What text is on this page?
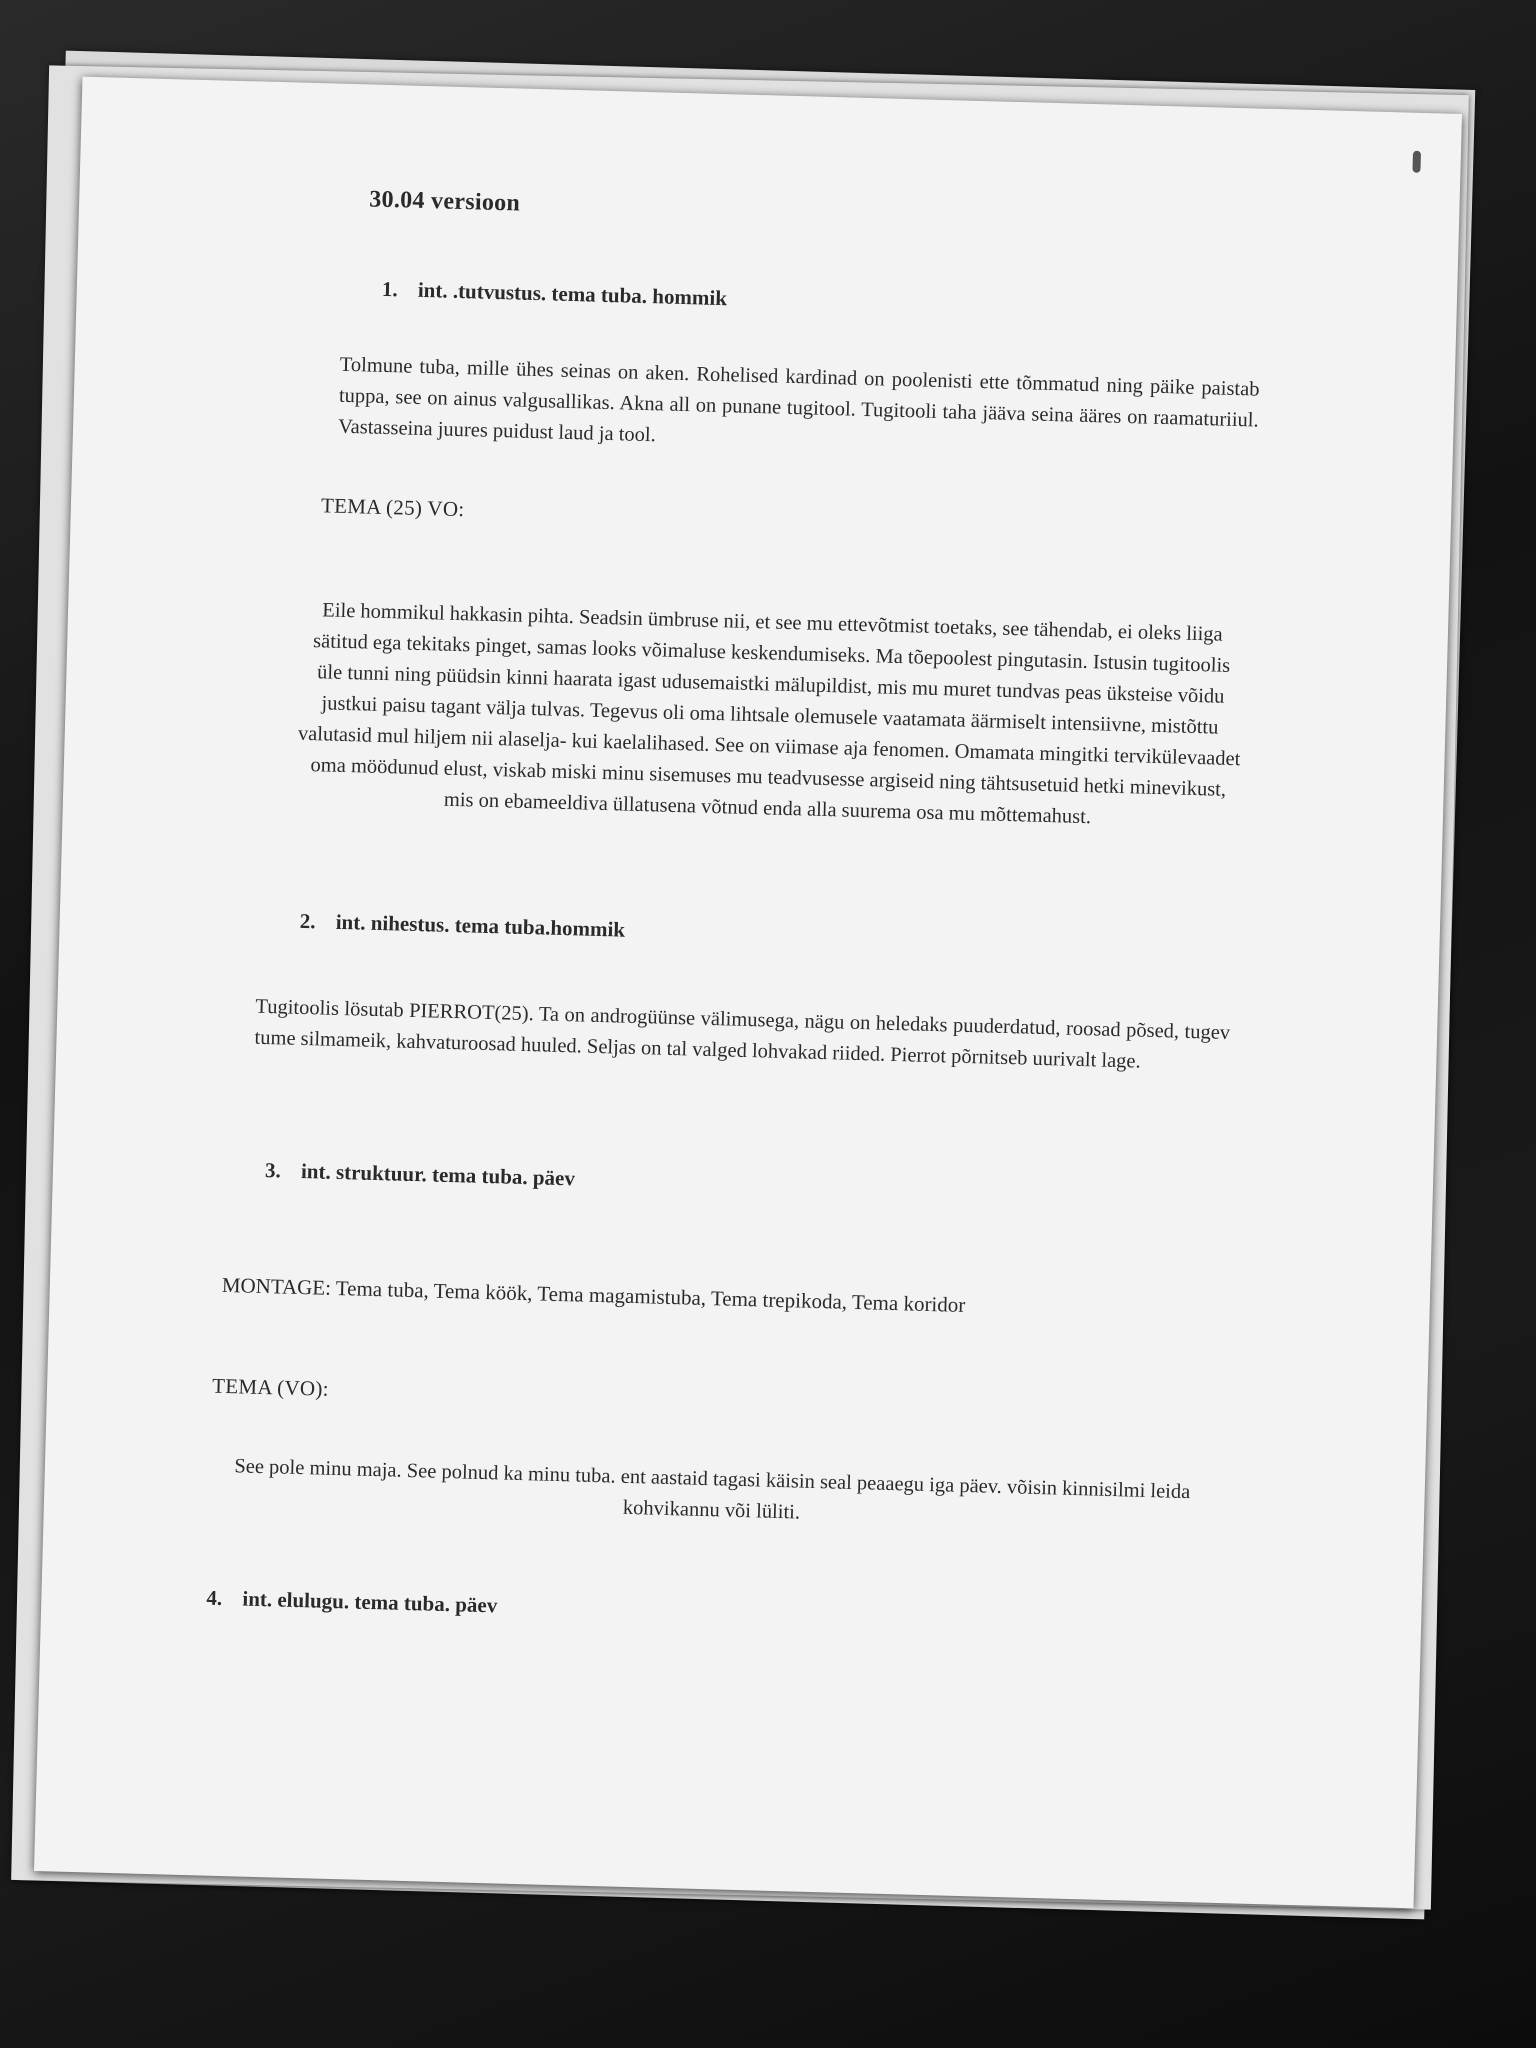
30.04 versioon
1. int. .tutvustus. tema tuba. hommik
Tolmune tuba, mille ühes seinas on aken. Rohelised kardinad on poolenisti ette tõmmatud ning päike paistab tuppa, see on ainus valgusallikas. Akna all on punane tugitool. Tugitooli taha jääva seina ääres on raamaturiiul. Vastasseina juures puidust laud ja tool.
TEMA (25) VO:
Eile hommikul hakkasin pihta. Seadsin ümbruse nii, et see mu ettevõtmist toetaks, see tähendab, ei oleks liiga sätitud ega tekitaks pinget, samas looks võimaluse keskendumiseks. Ma tõepoolest pingutasin. Istusin tugitoolis üle tunni ning püüdsin kinni haarata igast udusemaistki mälupildist, mis mu muret tundvas peas üksteise võidu justkui paisu tagant välja tulvas. Tegevus oli oma lihtsale olemusele vaatamata äärmiselt intensiivne, mistõttu valutasid mul hiljem nii alaselja- kui kaelalihased. See on viimase aja fenomen. Omamata mingitki tervikülevaadet oma möödunud elust, viskab miski minu sisemuses mu teadvusesse argiseid ning tähtsusetuid hetki minevikust, mis on ebameeldiva üllatusena võtnud enda alla suurema osa mu mõttemahust.
2. int. nihestus. tema tuba.hommik
Tugitoolis lösutab PIERROT(25). Ta on androgüünse välimusega, nägu on heledaks puuderdatud, roosad põsed, tugev tume silmameik, kahvaturoosad huuled. Seljas on tal valged lohvakad riided. Pierrot põrnitseb uurivalt lage.
3. int. struktuur. tema tuba. päev
MONTAGE: Tema tuba, Tema köök, Tema magamistuba, Tema trepikoda, Tema koridor
TEMA (VO):
See pole minu maja. See polnud ka minu tuba. ent aastaid tagasi käisin seal peaaegu iga päev. võisin kinnisilmi leida kohvikannu või lüliti.
4. int. elulugu. tema tuba. päev
